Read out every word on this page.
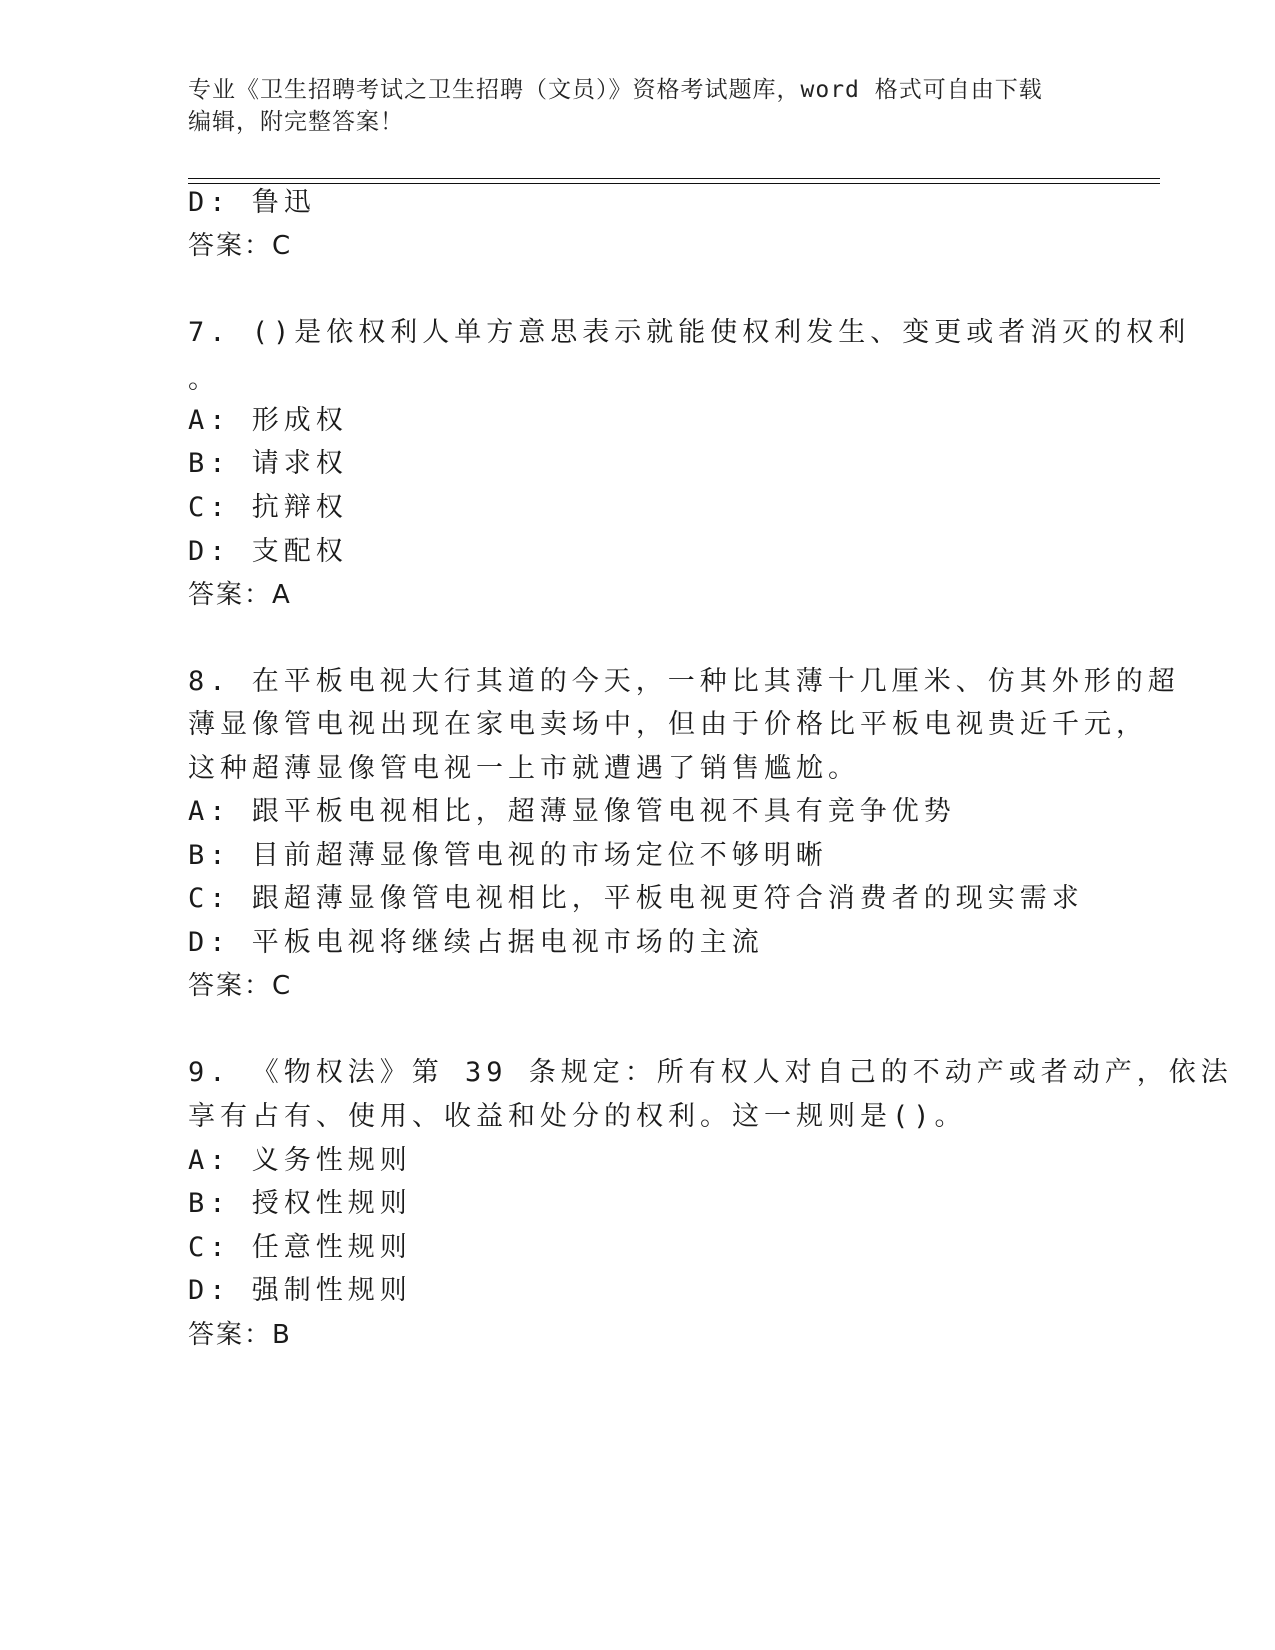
专业《卫生招聘考试之卫生招聘（文员）》资格考试题库，word 格式可自由下载
编辑，附完整答案！
D: 鲁迅
答案：C
7. ()是依权利人单方意思表示就能使权利发生、变更或者消灭的权利
。
A: 形成权
B: 请求权
C: 抗辩权
D: 支配权
答案：A
8. 在平板电视大行其道的今天，一种比其薄十几厘米、仿其外形的超
薄显像管电视出现在家电卖场中，但由于价格比平板电视贵近千元，
这种超薄显像管电视一上市就遭遇了销售尴尬。
A: 跟平板电视相比，超薄显像管电视不具有竞争优势
B: 目前超薄显像管电视的市场定位不够明晰
C: 跟超薄显像管电视相比，平板电视更符合消费者的现实需求
D: 平板电视将继续占据电视市场的主流
答案：C
9. 《物权法》第 39 条规定：所有权人对自己的不动产或者动产，依法
享有占有、使用、收益和处分的权利。这一规则是()。
A: 义务性规则
B: 授权性规则
C: 任意性规则
D: 强制性规则
答案：B
